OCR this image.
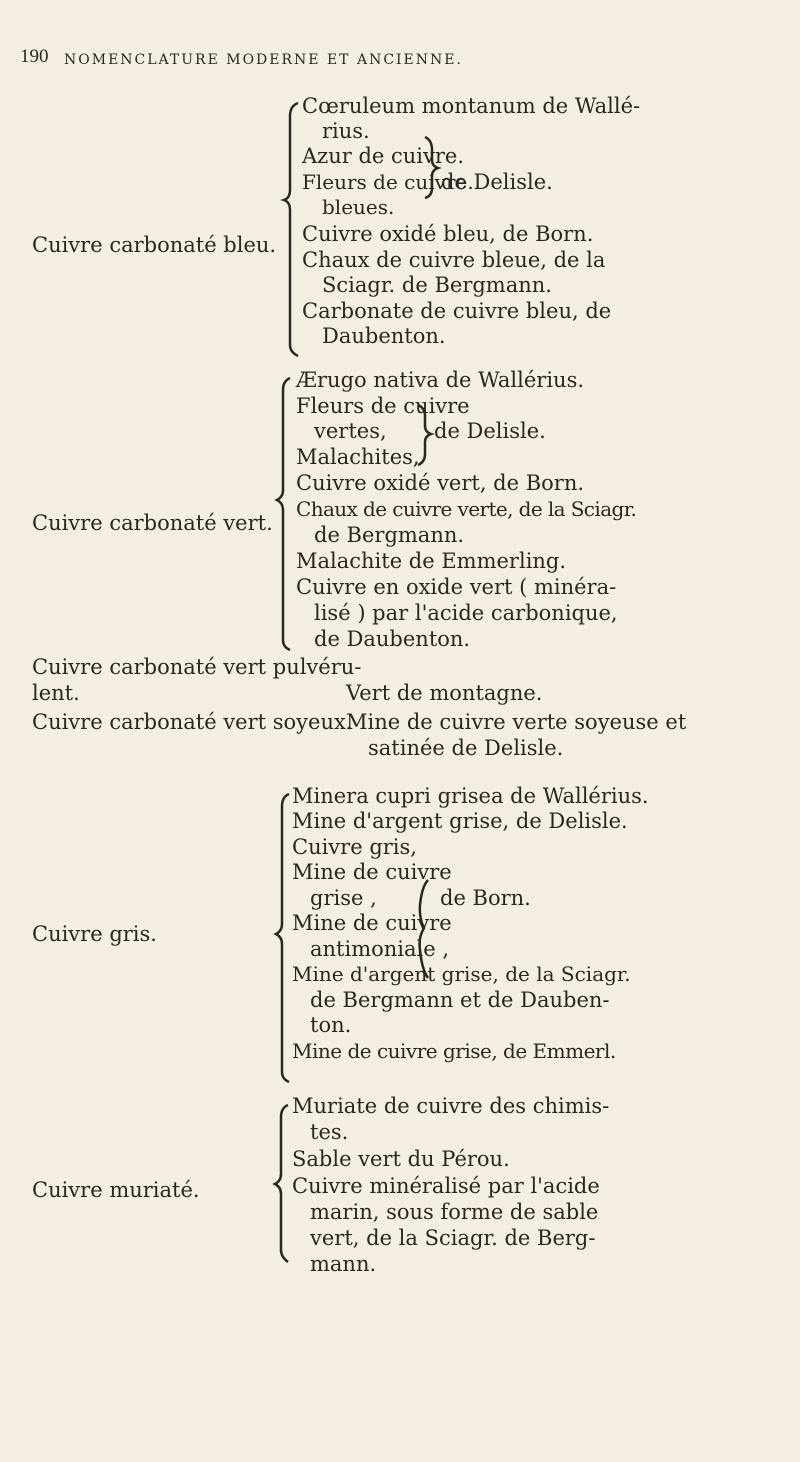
190 NOMENCLATURE MODERNE ET ANCIENNE.
Cuivre carbonaté bleu.
Cœruleum montanum de Wallé-
rius.
Azur de cuivre.
Fleurs de cuivre.
bleues.
de Delisle.
Cuivre oxidé bleu, de Born.
Chaux de cuivre bleue, de la
Sciagr. de Bergmann.
Carbonate de cuivre bleu, de
Daubenton.
Cuivre carbonaté vert.
Ærugo nativa de Wallérius.
Fleurs de cuivre
vertes, de Delisle.
Malachites,
Cuivre oxidé vert, de Born.
Chaux de cuivre verte, de la Sciagr.
de Bergmann.
Malachite de Emmerling.
Cuivre en oxide vert ( minéra-
lisé ) par l'acide carbonique,
de Daubenton.
Cuivre carbonaté vert pulvéru-
lent.	Vert de montagne.
Cuivre carbonaté vert soyeux.
Mine de cuivre verte soyeuse et
satinée de Delisle.
Cuivre gris.
Minera cupri grisea de Wallérius.
Mine d'argent grise, de Delisle.
Cuivre gris,
Mine de cuivre
grise ,	de Born.
Mine de cuivre
antimoniale ,
Mine d'argent grise, de la Sciagr.
de Bergmann et de Dauben-
ton.
Mine de cuivre grise, de Emmerl.
Cuivre muriaté.
Muriate de cuivre des chimis-
tes.
Sable vert du Pérou.
Cuivre minéralisé par l'acide
marin, sous forme de sable
vert, de la Sciagr. de Berg-
mann.
